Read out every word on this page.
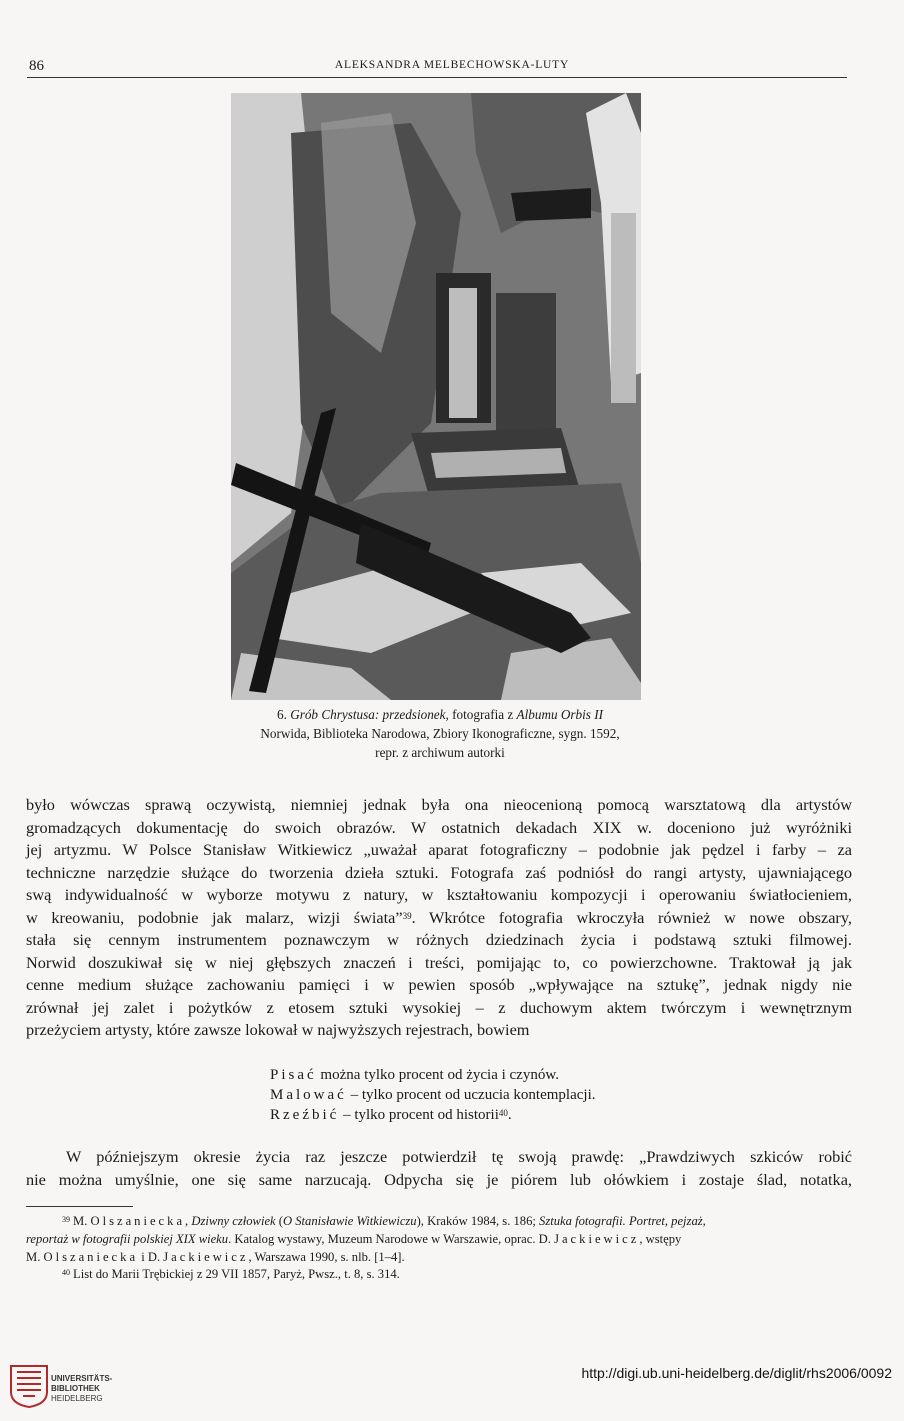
86	ALEKSANDRA MELBECHOWSKA-LUTY
6. Grób Chrystusa: przedsionek, fotografia z Albumu Orbis II
Norwida, Biblioteka Narodowa, Zbiory Ikonograficzne, sygn. 1592,
repr. z archiwum autorki
było wówczas sprawą oczywistą, niemniej jednak była ona nieocenioną pomocą warsztatową dla artystów
gromadzących dokumentację do swoich obrazów. W ostatnich dekadach XIX w. doceniono już wyróżniki
jej artyzmu. W Polsce Stanisław Witkiewicz „uważał aparat fotograficzny – podobnie jak pędzel i farby – za
techniczne narzędzie służące do tworzenia dzieła sztuki. Fotografa zaś podniósł do rangi artysty, ujawniającego
swą indywidualność w wyborze motywu z natury, w kształtowaniu kompozycji i operowaniu światłocieniem,
w kreowaniu, podobnie jak malarz, wizji świata”$^{39}$. Wkrótce fotografia wkroczyła również w nowe obszary,
stała się cennym instrumentem poznawczym w różnych dziedzinach życia i podstawą sztuki filmowej.
Norwid doszukiwał się w niej głębszych znaczeń i treści, pomijając to, co powierzchowne. Traktował ją jak
cenne medium służące zachowaniu pamięci i w pewien sposób „wpływające na sztukę”, jednak nigdy nie
zrównał jej zalet i pożytków z etosem sztuki wysokiej – z duchowym aktem twórczym i wewnętrznym
przeżyciem artysty, które zawsze lokował w najwyższych rejestrach, bowiem
Pisać można tylko procent od życia i czynów.
Malować – tylko procent od uczucia kontemplacji.
Rzeźbić – tylko procent od historii$^{40}$.
W późniejszym okresie życia raz jeszcze potwierdził tę swoją prawdę: „Prawdziwych szkiców robić
nie można umyślnie, one się same narzucają. Odpycha się je piórem lub ołówkiem i zostaje ślad, notatka,
$^{39}$ M. Olszaniecka, Dziwny człowiek (O Stanisławie Witkiewiczu), Kraków 1984, s. 186; Sztuka fotografii. Portret, pejzaż,
reportaż w fotografii polskiej XIX wieku. Katalog wystawy, Muzeum Narodowe w Warszawie, oprac. D. Jackiewicz, wstępy
M. Olszaniecka i D. Jackiewicz, Warszawa 1990, s. nlb. [1–4].
$^{40}$ List do Marii Trębickiej z 29 VII 1857, Paryż, Pwsz., t. 8, s. 314.
UNIVERSITÄTS-
BIBLIOTHEK
HEIDELBERG
http://digi.ub.uni-heidelberg.de/diglit/rhs2006/0092
